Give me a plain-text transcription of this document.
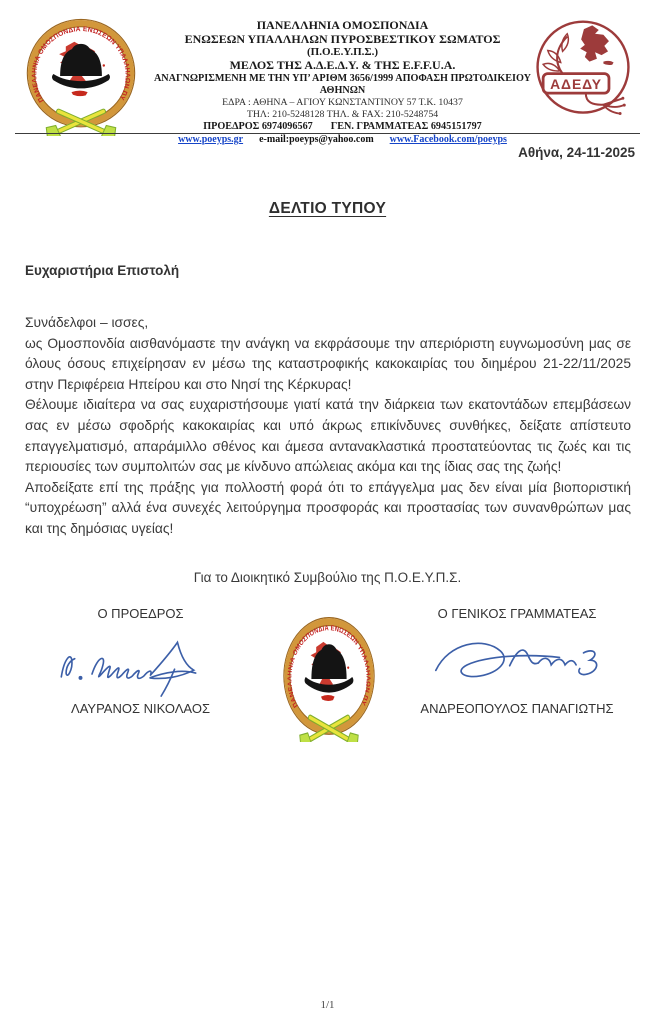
ΠΑΝΕΛΛΗΝΙΑ ΟΜΟΣΠΟΝΔΙΑ
ΕΝΩΣΕΩΝ ΥΠΑΛΛΗΛΩΝ ΠΥΡΟΣΒΕΣΤΙΚΟΥ ΣΩΜΑΤΟΣ
(Π.Ο.Ε.Υ.Π.Σ.)
ΜΕΛΟΣ ΤΗΣ Α.Δ.Ε.Δ.Υ. & ΤΗΣ E.F.F.U.A.
ΑΝΑΓΝΩΡΙΣΜΕΝΗ ΜΕ ΤΗΝ ΥΠ’ ΑΡΙΘΜ 3656/1999 ΑΠΟΦΑΣΗ ΠΡΩΤΟΔΙΚΕΙΟΥ ΑΘΗΝΩΝ
ΕΔΡΑ : ΑΘΗΝΑ – ΑΓΙΟΥ ΚΩΝΣΤΑΝΤΙΝΟΥ 57 Τ.Κ. 10437
ΤΗΛ: 210-5248128 ΤΗΛ. & FAX: 210-5248754
ΠΡΟΕΔΡΟΣ 6974096567 ΓΕΝ. ΓΡΑΜΜΑΤΕΑΣ 6945151797
www.poeyps.gr e-mail:poeyps@yahoo.com www.Facebook.com/poeyps
ΑΔΕΔΥ
Αθήνα, 24-11-2025
ΔΕΛΤΙΟ ΤΥΠΟΥ
Ευχαριστήρια Επιστολή

Συνάδελφοι – ισσες,

ως Ομοσπονδία αισθανόμαστε την ανάγκη να εκφράσουμε την απεριόριστη ευγνωμοσύνη μας σε όλους όσους επιχείρησαν εν μέσω της καταστροφικής κακοκαιρίας του διημέρου 21-22/11/2025 στην Περιφέρεια Ηπείρου και στο Νησί της Κέρκυρας!

Θέλουμε ιδιαίτερα να σας ευχαριστήσουμε γιατί κατά την διάρκεια των εκατοντάδων επεμβάσεων σας εν μέσω σφοδρής κακοκαιρίας και υπό άκρως επικίνδυνες συνθήκες, δείξατε απίστευτο επαγγελματισμό, απαράμιλλο σθένος και άμεσα αντανακλαστικά προστατεύοντας τις ζωές και τις περιουσίες των συμπολιτών σας με κίνδυνο απώλειας ακόμα και της ίδιας σας της ζωής!

Αποδείξατε επί της πράξης για πολλοστή φορά ότι το επάγγελμα μας δεν είναι μία βιοποριστική “υποχρέωση” αλλά ένα συνεχές λειτούργημα προσφοράς και προστασίας των συνανθρώπων μας και της δημόσιας υγείας!

Για το Διοικητικό Συμβούλιο της Π.Ο.Ε.Υ.Π.Σ.
Ο ΠΡΟΕΔΡΟΣ
ΛΑΥΡΑΝΟΣ ΝΙΚΟΛΑΟΣ
Ο ΓΕΝΙΚΟΣ ΓΡΑΜΜΑΤΕΑΣ
ΑΝΔΡΕΟΠΟΥΛΟΣ ΠΑΝΑΓΙΩΤΗΣ
1/1
